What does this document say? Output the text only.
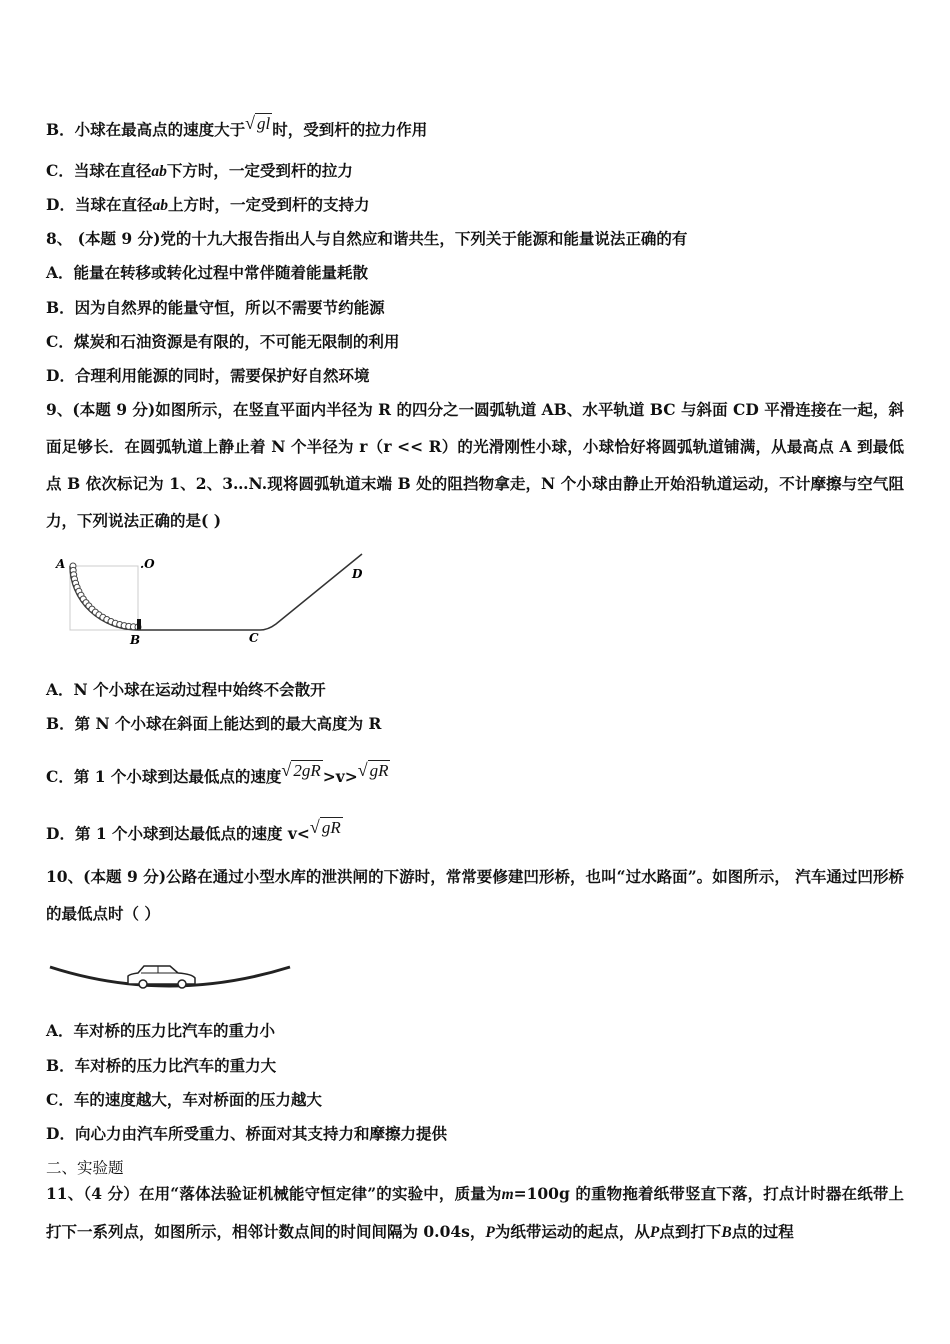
B．小球在最高点的速度大于√ gl 时，受到杆的拉力作用
C．当球在直径ab下方时，一定受到杆的拉力
D．当球在直径ab上方时，一定受到杆的支持力
8、 (本题 9 分)党的十九大报告指出人与自然应和谐共生，下列关于能源和能量说法正确的有
A．能量在转移或转化过程中常伴随着能量耗散
B．因为自然界的能量守恒，所以不需要节约能源
C．煤炭和石油资源是有限的，不可能无限制的利用
D．合理利用能源的同时，需要保护好自然环境
9、(本题 9 分)如图所示，在竖直平面内半径为 R 的四分之一圆弧轨道 AB、水平轨道 BC 与斜面 CD 平滑连接在一起，斜面足够长．在圆弧轨道上静止着 N 个半径为 r（r << R）的光滑刚性小球，小球恰好将圆弧轨道铺满，从最高点 A 到最低点 B 依次标记为 1、2、3…N.现将圆弧轨道末端 B 处的阻挡物拿走，N 个小球由静止开始沿轨道运动，不计摩擦与空气阻力，下列说法正确的是( )
A	.O
B	C
D
A．N 个小球在运动过程中始终不会散开
B．第 N 个小球在斜面上能达到的最大高度为 R
C．第 1 个小球到达最低点的速度√ 2gR >v>√ gR
D．第 1 个小球到达最低点的速度 v<√ gR
10、(本题 9 分)公路在通过小型水库的泄洪闸的下游时，常常要修建凹形桥，也叫“过水路面”。如图所示， 汽车通过凹形桥的最低点时（ ）
A．车对桥的压力比汽车的重力小
B．车对桥的压力比汽车的重力大
C．车的速度越大，车对桥面的压力越大
D．向心力由汽车所受重力、桥面对其支持力和摩擦力提供
二、实验题
11、（4 分）在用“落体法验证机械能守恒定律”的实验中，质量为m=100g 的重物拖着纸带竖直下落，打点计时器在纸带上打下一系列点，如图所示，相邻计数点间的时间间隔为 0.04s，P为纸带运动的起点，从P点到打下B点的过程
